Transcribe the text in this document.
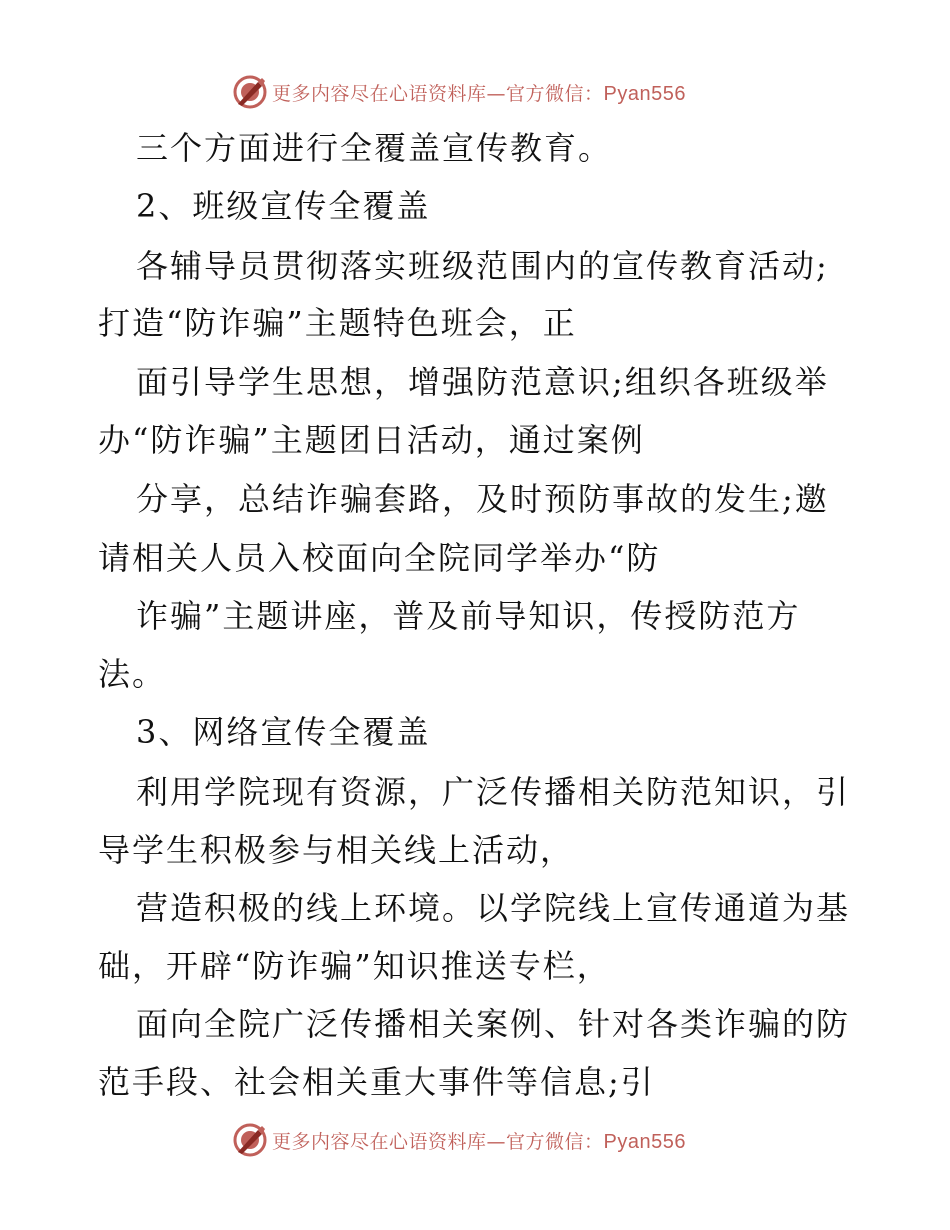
更多内容尽在心语资料库—官方微信：Pyan556
三个方面进行全覆盖宣传教育。
2、班级宣传全覆盖
各辅导员贯彻落实班级范围内的宣传教育活动;
打造“防诈骗”主题特色班会，正
面引导学生思想，增强防范意识;组织各班级举
办“防诈骗”主题团日活动，通过案例
分享，总结诈骗套路，及时预防事故的发生;邀
请相关人员入校面向全院同学举办“防
诈骗”主题讲座，普及前导知识，传授防范方
法。
3、网络宣传全覆盖
利用学院现有资源，广泛传播相关防范知识，引
导学生积极参与相关线上活动，
营造积极的线上环境。以学院线上宣传通道为基
础，开辟“防诈骗”知识推送专栏，
面向全院广泛传播相关案例、针对各类诈骗的防
范手段、社会相关重大事件等信息;引
更多内容尽在心语资料库—官方微信：Pyan556
